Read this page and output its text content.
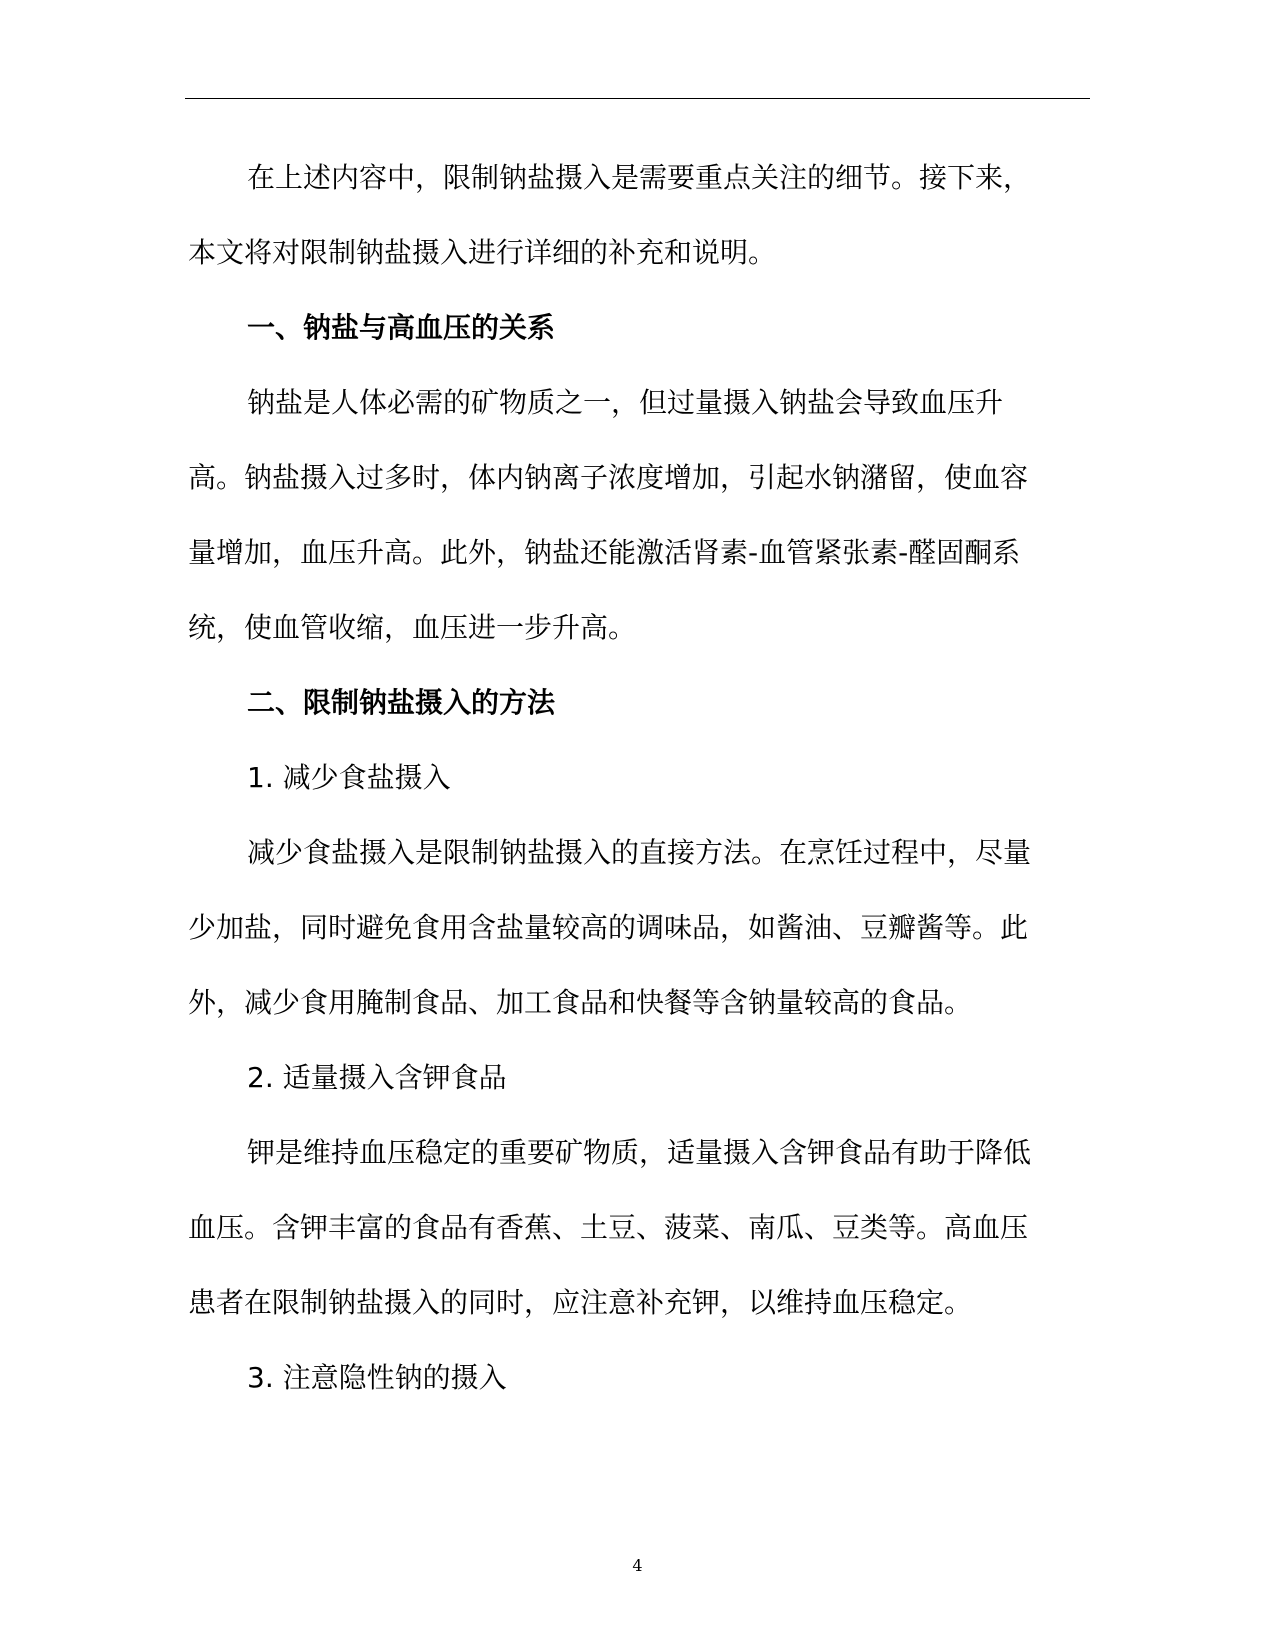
在上述内容中，限制钠盐摄入是需要重点关注的细节。接下来，
本文将对限制钠盐摄入进行详细的补充和说明。
一、钠盐与高血压的关系
钠盐是人体必需的矿物质之一，但过量摄入钠盐会导致血压升
高。钠盐摄入过多时，体内钠离子浓度增加，引起水钠潴留，使血容
量增加，血压升高。此外，钠盐还能激活肾素-血管紧张素-醛固酮系
统，使血管收缩，血压进一步升高。
二、限制钠盐摄入的方法
1. 减少食盐摄入
减少食盐摄入是限制钠盐摄入的直接方法。在烹饪过程中，尽量
少加盐，同时避免食用含盐量较高的调味品，如酱油、豆瓣酱等。此
外，减少食用腌制食品、加工食品和快餐等含钠量较高的食品。
2. 适量摄入含钾食品
钾是维持血压稳定的重要矿物质，适量摄入含钾食品有助于降低
血压。含钾丰富的食品有香蕉、土豆、菠菜、南瓜、豆类等。高血压
患者在限制钠盐摄入的同时，应注意补充钾，以维持血压稳定。
3. 注意隐性钠的摄入
4
